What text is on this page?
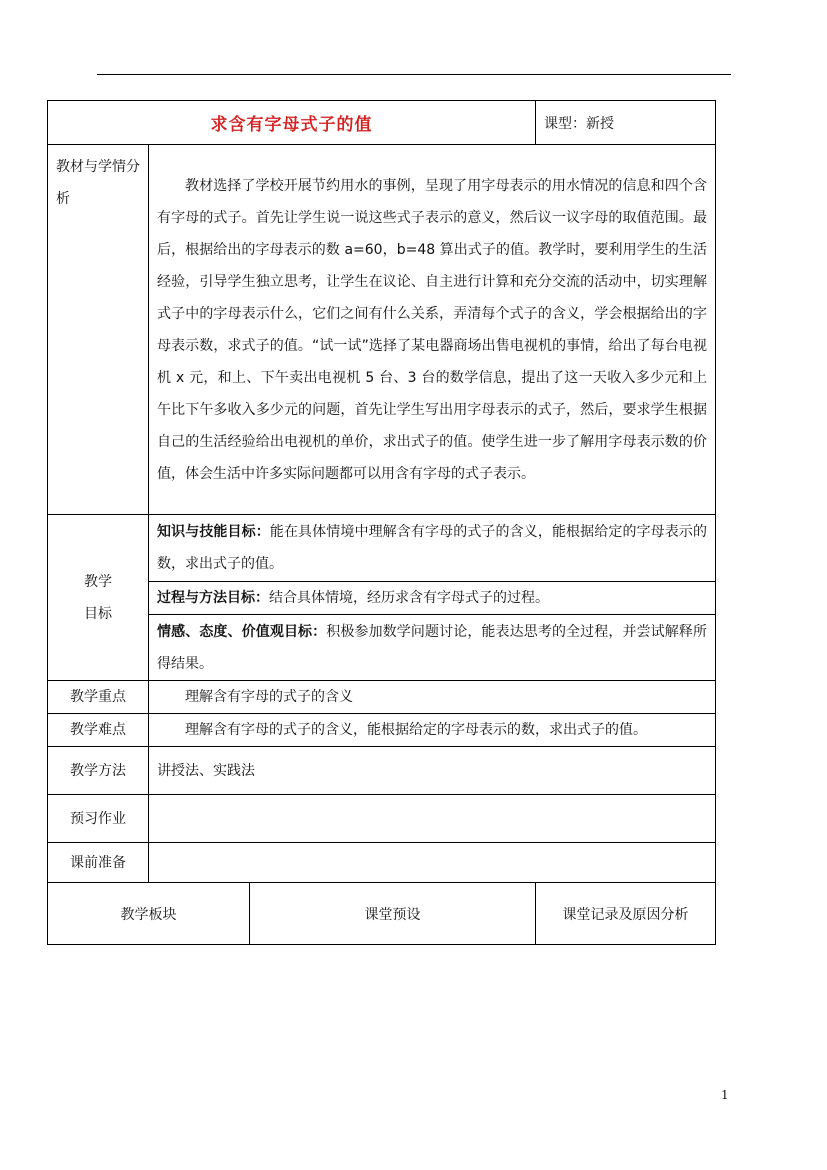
求含有字母式子的值			课型：新授
教材与学情分析	教材选择了学校开展节约用水的事例，呈现了用字母表示的用水情况的信息和四个含有字母的式子。首先让学生说一说这些式子表示的意义，然后议一议字母的取值范围。最后，根据给出的字母表示的数 a=60，b=48 算出式子的值。教学时，要利用学生的生活经验，引导学生独立思考，让学生在议论、自主进行计算和充分交流的活动中，切实理解式子中的字母表示什么，它们之间有什么关系，弄清每个式子的含义，学会根据给出的字母表示数，求式子的值。“试一试”选择了某电器商场出售电视机的事情，给出了每台电视机 x 元，和上、下午卖出电视机 5 台、3 台的数学信息，提出了这一天收入多少元和上午比下午多收入多少元的问题，首先让学生写出用字母表示的式子，然后，要求学生根据自己的生活经验给出电视机的单价，求出式子的值。使学生进一步了解用字母表示数的价值，体会生活中许多实际问题都可以用含有字母的式子表示。		
教学
目标	知识与技能目标：能在具体情境中理解含有字母的式子的含义，能根据给定的字母表示的数，求出式子的值。		
	过程与方法目标：结合具体情境，经历求含有字母式子的过程。		
	情感、态度、价值观目标：积极参加数学问题讨论，能表达思考的全过程，并尝试解释所得结果。		
教学重点	理解含有字母的式子的含义		
教学难点	理解含有字母的式子的含义，能根据给定的字母表示的数，求出式子的值。		
教学方法	讲授法、实践法		
预习作业			
课前准备			
教学板块		课堂预设	课堂记录及原因分析
1
